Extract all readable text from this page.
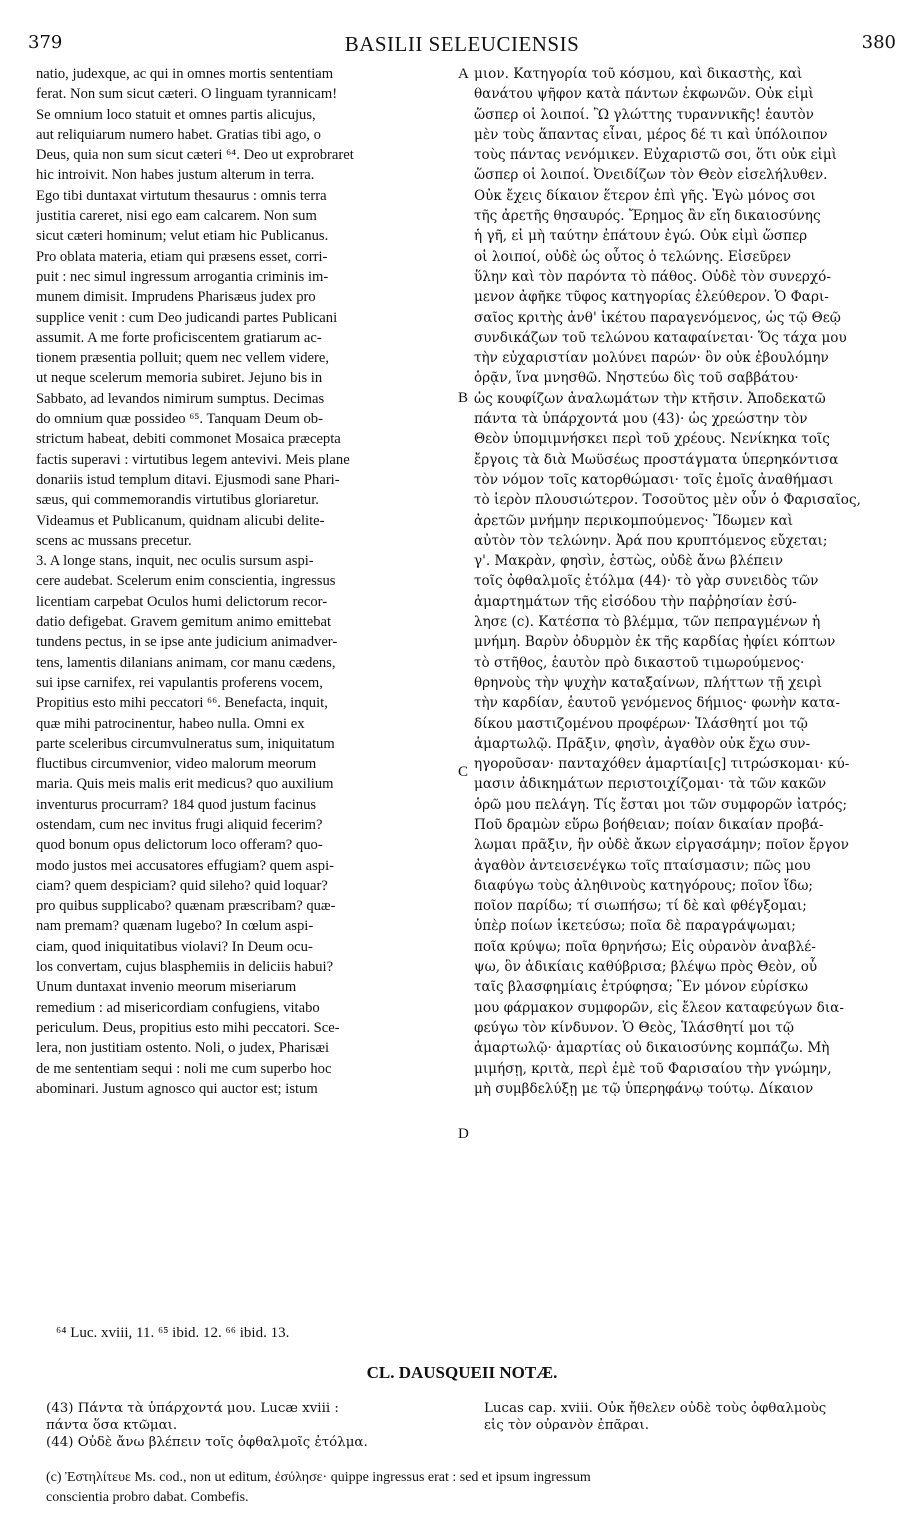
379	BASILII SELEUCIENSIS	380
natio, judexque, ac qui in omnes mortis sententiam
ferat. Non sum sicut cæteri. O linguam tyrannicam!
Se omnium loco statuit et omnes partis alicujus,
aut reliquiarum numero habet. Gratias tibi ago, o
Deus, quia non sum sicut cæteri ⁶⁴. Deo ut exprobraret
hic introivit. Non habes justum alterum in terra.
Ego tibi duntaxat virtutum thesaurus : omnis terra
justitia careret, nisi ego eam calcarem. Non sum
sicut cæteri hominum; velut etiam hic Publicanus.
Pro oblata materia, etiam qui præsens esset, corri-
puit : nec simul ingressum arrogantia criminis im-
munem dimisit. Imprudens Pharisæus judex pro
supplice venit : cum Deo judicandi partes Publicani
assumit. A me forte proficiscentem gratiarum ac-
tionem præsentia polluit; quem nec vellem videre,
ut neque scelerum memoria subiret. Jejuno bis in
Sabbato, ad levandos nimirum sumptus. Decimas
do omnium quæ possideo ⁶⁵. Tanquam Deum ob-
strictum habeat, debiti commonet Mosaica præcepta
factis superavi : virtutibus legem antevivi. Meis plane
donariis istud templum ditavi. Ejusmodi sane Phari-
sæus, qui commemorandis virtutibus gloriaretur.
Videamus et Publicanum, quidnam alicubi delite-
scens ac mussans precetur.
3. A longe stans, inquit, nec oculis sursum aspi-
cere audebat. Scelerum enim conscientia, ingressus
licentiam carpebat Oculos humi delictorum recor-
datio defigebat. Gravem gemitum animo emittebat
tundens pectus, in se ipse ante judicium animadver-
tens, lamentis dilanians animam, cor manu cædens,
sui ipse carnifex, rei vapulantis proferens vocem,
Propitius esto mihi peccatori ⁶⁶. Benefacta, inquit,
quæ mihi patrocinentur, habeo nulla. Omni ex
parte sceleribus circumvulneratus sum, iniquitatum
fluctibus circumvenior, video malorum meorum
maria. Quis meis malis erit medicus? quo auxilium
inventurus procurram? 184 quod justum facinus
ostendam, cum nec invitus frugi aliquid fecerim?
quod bonum opus delictorum loco offeram? quo-
modo justos mei accusatores effugiam? quem aspi-
ciam? quem despiciam? quid sileho? quid loquar?
pro quibus supplicabo? quænam præscribam? quæ-
nam premam? quænam lugebo? In cœlum aspi-
ciam, quod iniquitatibus violavi? In Deum ocu-
los convertam, cujus blasphemiis in deliciis habui?
Unum duntaxat invenio meorum miseriarum
remedium : ad misericordiam confugiens, vitabo
periculum. Deus, propitius esto mihi peccatori. Sce-
lera, non justitiam ostento. Noli, o judex, Pharisæi
de me sententiam sequi : noli me cum superbo hoc
abominari. Justum agnosco qui auctor est; istum
μιον. Κατηγορία τοῦ κόσμου, καὶ δικαστὴς, καὶ
θανάτου ψῆφον κατὰ πάντων ἐκφωνῶν. Οὐκ εἰμὶ
ὥσπερ οἱ λοιποί. Ὢ γλώττης τυραννικῆς! ἑαυτὸν
μὲν τοὺς ἅπαντας εἶναι, μέρος δέ τι καὶ ὑπόλοιπον
τοὺς πάντας νενόμικεν. Εὐχαριστῶ σοι, ὅτι οὐκ εἰμὶ
ὥσπερ οἱ λοιποί. Ὀνειδίζων τὸν Θεὸν εἰσελήλυθεν.
Οὐκ ἔχεις δίκαιον ἕτερον ἐπὶ γῆς. Ἐγὼ μόνος σοι
τῆς ἀρετῆς θησαυρός. Ἔρημος ἂν εἴη δικαιοσύνης
ἡ γῆ, εἰ μὴ ταύτην ἐπάτουν ἐγώ. Οὐκ εἰμὶ ὥσπερ
οἱ λοιποί, οὐδὲ ὡς οὗτος ὁ τελώνης. Εἰσεῦρεν
ὕλην καὶ τὸν παρόντα τὸ πάθος. Οὐδὲ τὸν συνερχό-
μενον ἀφῆκε τῦφος κατηγορίας ἐλεύθερον. Ὁ Φαρι-
σαῖος κριτὴς ἀνθ' ἱκέτου παραγενόμενος, ὡς τῷ Θεῷ
συνδικάζων τοῦ τελώνου καταφαίνεται· Ὅς τάχα μου
τὴν εὐχαριστίαν μολύνει παρών· ὃν οὐκ ἐβουλόμην
ὁρᾷν, ἵνα μνησθῶ. Νηστεύω δὶς τοῦ σαββάτου·
ὡς κουφίζων ἀναλωμάτων τὴν κτῆσιν. Ἀποδεκατῶ
πάντα τὰ ὑπάρχοντά μου (43)· ὡς χρεώστην τὸν
Θεὸν ὑπομιμνήσκει περὶ τοῦ χρέους. Νενίκηκα τοῖς
ἔργοις τὰ διὰ Μωϋσέως προστάγματα ὑπερηκόντισα
τὸν νόμον τοῖς κατορθώμασι· τοῖς ἐμοῖς ἀναθήμασι
τὸ ἱερὸν πλουσιώτερον. Τοσοῦτος μὲν οὖν ὁ Φαρισαῖος,
ἀρετῶν μνήμην περικομπούμενος· Ἴδωμεν καὶ
αὐτὸν τὸν τελώνην. Ἀρά που κρυπτόμενος εὔχεται;
γ'. Μακρὰν, φησὶν, ἑστὼς, οὐδὲ ἄνω βλέπειν
τοῖς ὀφθαλμοῖς ἐτόλμα (44)· τὸ γὰρ συνειδὸς τῶν
ἁμαρτημάτων τῆς εἰσόδου τὴν παῤῥησίαν ἐσύ-
λησε (c). Κατέσπα τὸ βλέμμα, τῶν πεπραγμένων ἡ
μνήμη. Βαρὺν ὀδυρμὸν ἐκ τῆς καρδίας ἠφίει κόπτων
τὸ στῆθος, ἑαυτὸν πρὸ δικαστοῦ τιμωρούμενος·
θρηνοὺς τὴν ψυχὴν καταξαίνων, πλήττων τῇ χειρὶ
τὴν καρδίαν, ἑαυτοῦ γενόμενος δήμιος· φωνὴν κατα-
δίκου μαστιζομένου προφέρων· Ἱλάσθητί μοι τῷ
ἁμαρτωλῷ. Πρᾶξιν, φησὶν, ἀγαθὸν οὐκ ἔχω συν-
ηγοροῦσαν· πανταχόθεν ἁμαρτίαι[ς] τιτρώσκομαι· κύ-
μασιν ἀδικημάτων περιστοιχίζομαι· τὰ τῶν κακῶν
ὁρῶ μου πελάγη. Τίς ἔσται μοι τῶν συμφορῶν ἰατρός;
Ποῦ δραμὼν εὕρω βοήθειαν; ποίαν δικαίαν προβά-
λωμαι πρᾶξιν, ἣν οὐδὲ ἄκων εἰργασάμην; ποῖον ἔργον
ἀγαθὸν ἀντεισενέγκω τοῖς πταίσμασιν; πῶς μου
διαφύγω τοὺς ἀληθινοὺς κατηγόρους; ποῖον ἴδω;
ποῖον παρίδω; τί σιωπήσω; τί δὲ καὶ φθέγξομαι;
ὑπὲρ ποίων ἱκετεύσω; ποῖα δὲ παραγράψωμαι;
ποῖα κρύψω; ποῖα θρηνήσω; Εἰς οὐρανὸν ἀναβλέ-
ψω, ὃν ἀδικίαις καθύβρισα; βλέψω πρὸς Θεὸν, οὗ
ταῖς βλασφημίαις ἐτρύφησα; Ἓν μόνον εὑρίσκω
μου φάρμακον συμφορῶν, εἰς ἔλεον καταφεύγων δια-
φεύγω τὸν κίνδυνον. Ὁ Θεὸς, Ἱλάσθητί μοι τῷ
ἁμαρτωλῷ· ἁμαρτίας οὐ δικαιοσύνης κομπάζω. Μὴ
μιμήσῃ, κριτὰ, περὶ ἐμὲ τοῦ Φαρισαίου τὴν γνώμην,
μὴ συμβδελύξῃ με τῷ ὑπερηφάνῳ τούτῳ. Δίκαιον
A
B
C
D
⁶⁴ Luc. xviii, 11. ⁶⁵ ibid. 12. ⁶⁶ ibid. 13.
CL. DAUSQUEII NOTÆ.
(43) Πάντα τὰ ὑπάρχοντά μου. Lucæ xviii :
πάντα ὅσα κτῶμαι.
(44) Οὐδὲ ἄνω βλέπειν τοῖς ὀφθαλμοῖς ἐτόλμα.
Lucas cap. xviii. Οὐκ ἤθελεν οὐδὲ τοὺς ὀφθαλμοὺς
εἰς τὸν οὐρανὸν ἐπᾶραι.
(c) Ἐστηλίτευε Ms. cod., non ut editum, ἐσύλησε· quippe ingressus erat : sed et ipsum ingressum
conscientia probro dabat. Combefis.
